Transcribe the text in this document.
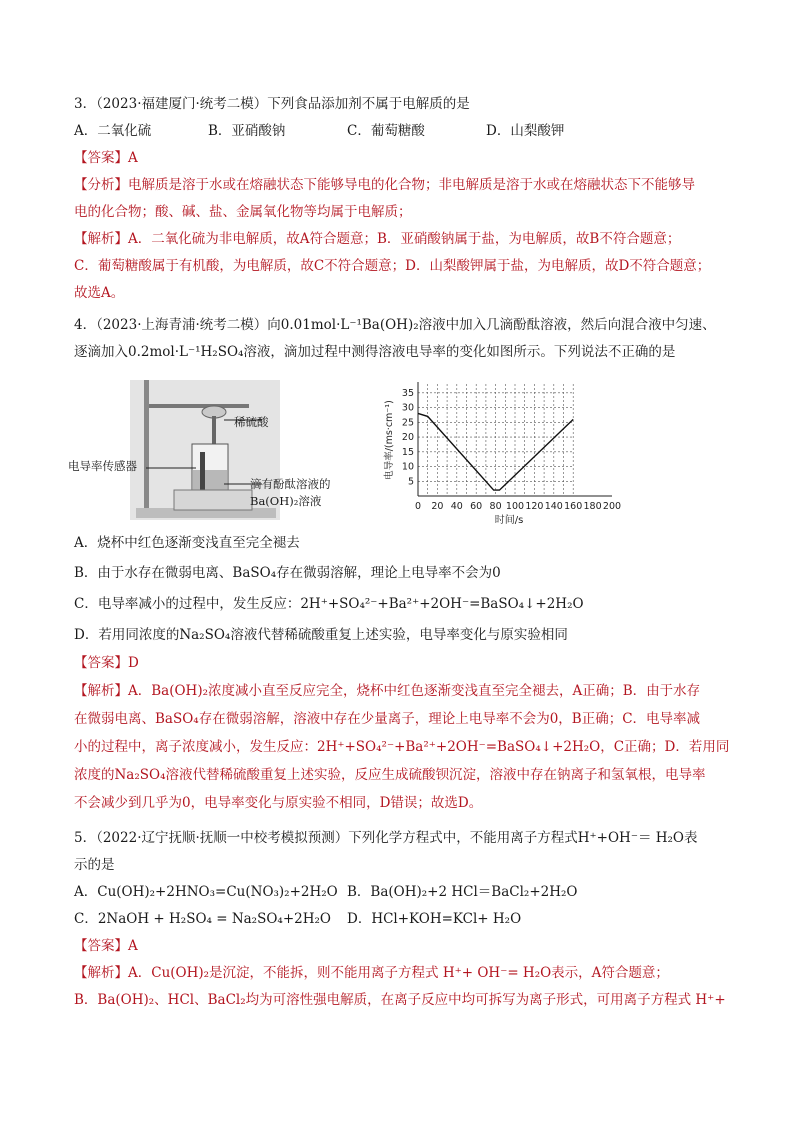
3．（2023·福建厦门·统考二模）下列食品添加剂不属于电解质的是
A．二氧化硫	B．亚硝酸钠	C．葡萄糖酸	D．山梨酸钾
【答案】A
【分析】电解质是溶于水或在熔融状态下能够导电的化合物；非电解质是溶于水或在熔融状态下不能够导
电的化合物；酸、碱、盐、金属氧化物等均属于电解质；
【解析】A．二氧化硫为非电解质，故A符合题意；B．亚硝酸钠属于盐，为电解质，故B不符合题意；
C．葡萄糖酸属于有机酸，为电解质，故C不符合题意；D．山梨酸钾属于盐，为电解质，故D不符合题意；
故选A。
4．（2023·上海青浦·统考二模）向0.01mol·L⁻¹Ba(OH)₂溶液中加入几滴酚酞溶液，然后向混合液中匀速、
逐滴加入0.2mol·L⁻¹H₂SO₄溶液，滴加过程中测得溶液电导率的变化如图所示。下列说法不正确的是
稀硫酸
电导率传感器
滴有酚酞溶液的
Ba(OH)₂溶液	0 20 40 60 80 100 120 140 160 180 200
5
10
15
20
25
30
35
时间/s
电导率/(ms·cm⁻¹)
A．烧杯中红色逐渐变浅直至完全褪去
B．由于水存在微弱电离、BaSO₄存在微弱溶解，理论上电导率不会为0
C．电导率减小的过程中，发生反应：2H⁺+SO₄²⁻+Ba²⁺+2OH⁻=BaSO₄↓+2H₂O
D．若用同浓度的Na₂SO₄溶液代替稀硫酸重复上述实验，电导率变化与原实验相同
【答案】D
【解析】A．Ba(OH)₂浓度减小直至反应完全，烧杯中红色逐渐变浅直至完全褪去，A正确；B．由于水存
在微弱电离、BaSO₄存在微弱溶解，溶液中存在少量离子，理论上电导率不会为0，B正确；C．电导率减
小的过程中，离子浓度减小，发生反应：2H⁺+SO₄²⁻+Ba²⁺+2OH⁻=BaSO₄↓+2H₂O，C正确；D．若用同
浓度的Na₂SO₄溶液代替稀硫酸重复上述实验，反应生成硫酸钡沉淀，溶液中存在钠离子和氢氧根，电导率
不会减少到几乎为0，电导率变化与原实验不相同，D错误；故选D。
5．（2022·辽宁抚顺·抚顺一中校考模拟预测）下列化学方程式中，不能用离子方程式H⁺+OH⁻＝ H₂O表
示的是
A．Cu(OH)₂+2HNO₃=Cu(NO₃)₂+2H₂O B．Ba(OH)₂+2 HCl＝BaCl₂+2H₂O
C．2NaOH + H₂SO₄ = Na₂SO₄+2H₂O D．HCl+KOH=KCl+ H₂O
【答案】A
【解析】A．Cu(OH)₂是沉淀，不能拆，则不能用离子方程式 H⁺+ OH⁻= H₂O表示，A符合题意；
B．Ba(OH)₂、HCl、BaCl₂均为可溶性强电解质，在离子反应中均可拆写为离子形式，可用离子方程式 H⁺+
